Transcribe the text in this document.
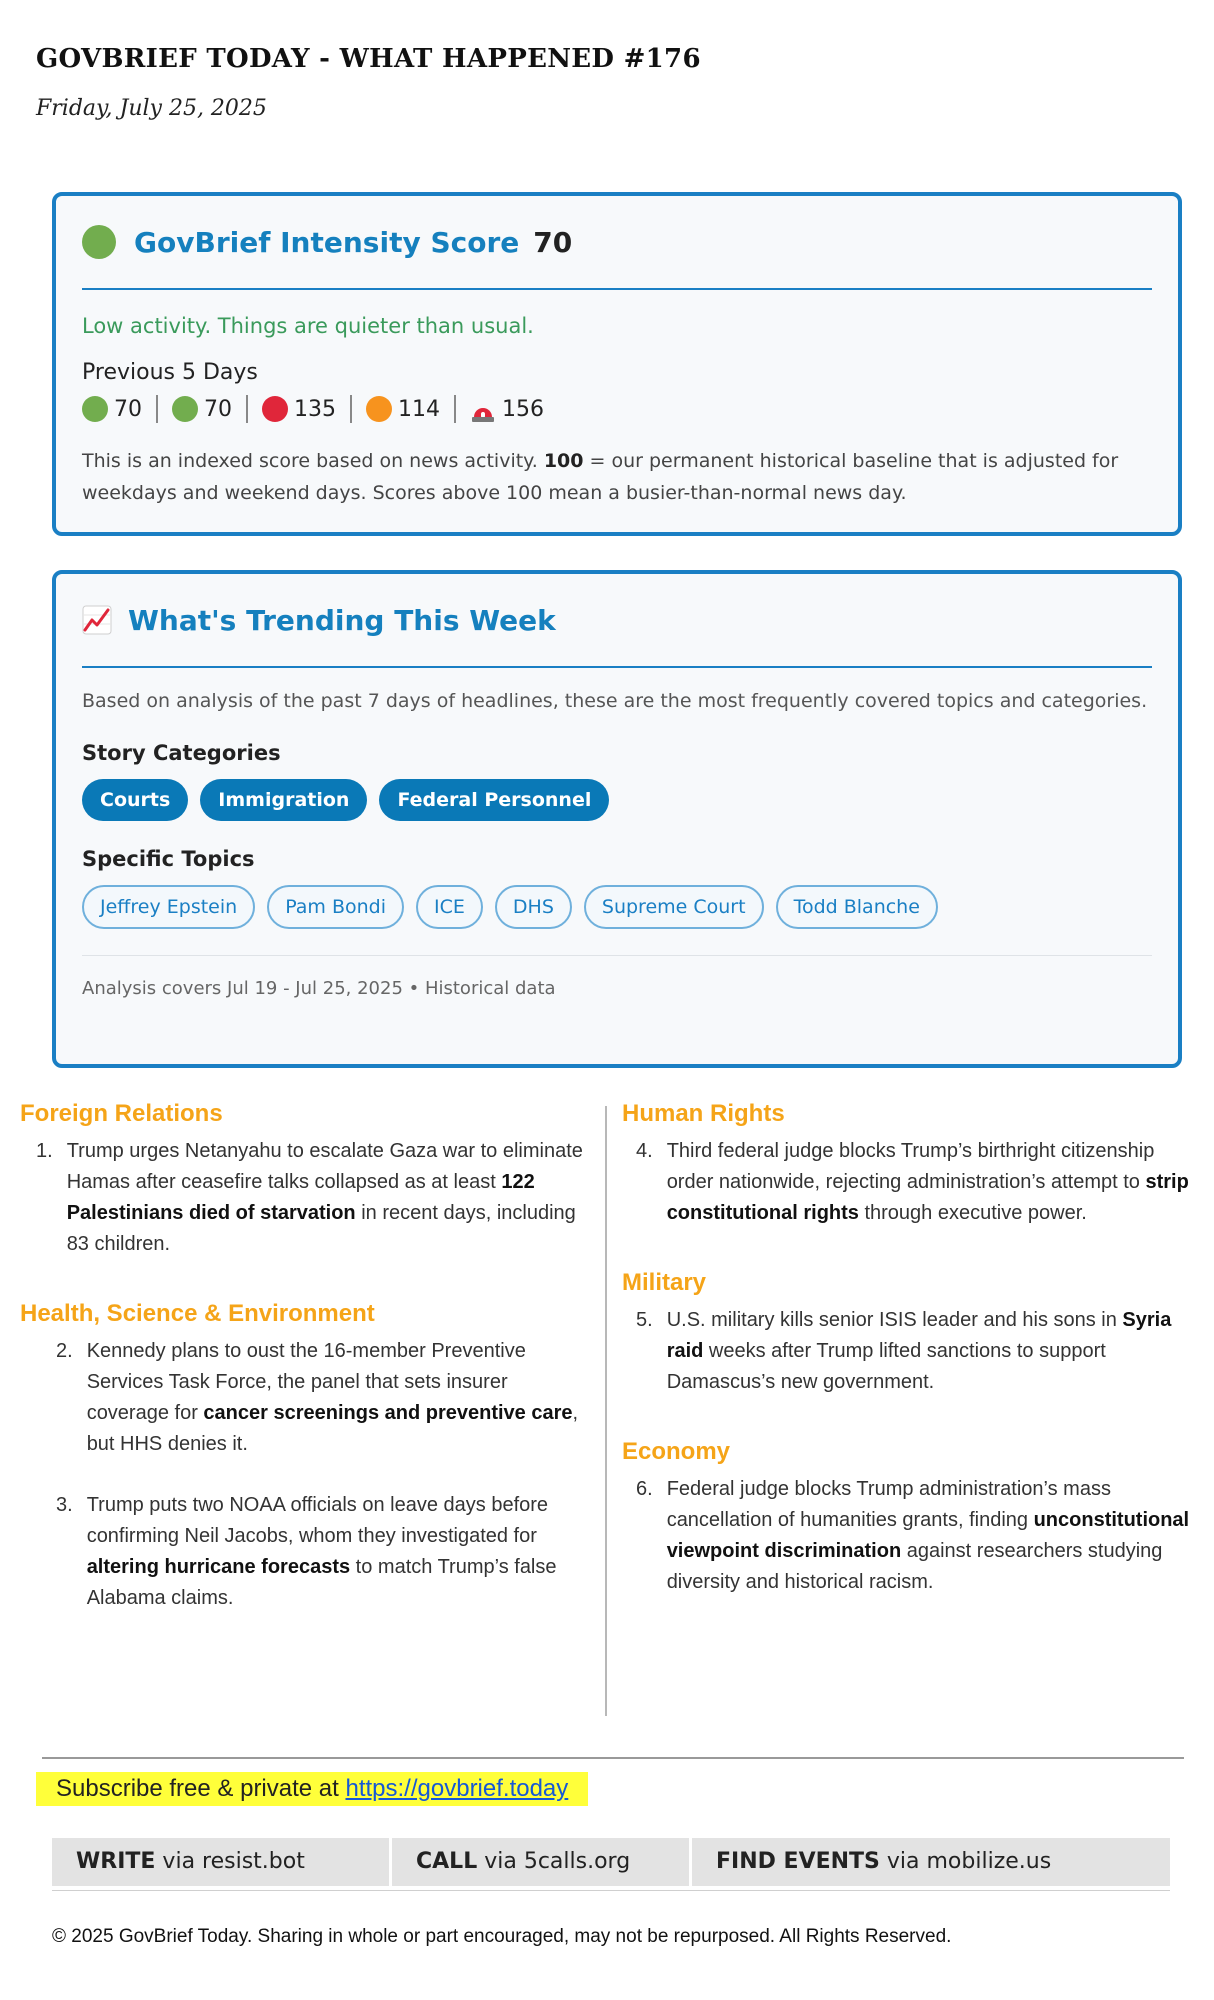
GOVBRIEF TODAY - WHAT HAPPENED #176
Friday, July 25, 2025
GovBrief Intensity Score 70
Low activity. Things are quieter than usual.
Previous 5 Days
70	70	135	114	156
This is an indexed score based on news activity. 100 = our permanent historical baseline that is adjusted for weekdays and weekend days. Scores above 100 mean a busier-than-normal news day.
What's Trending This Week
Based on analysis of the past 7 days of headlines, these are the most frequently covered topics and categories.
Story Categories
Courts	Immigration	Federal Personnel
Specific Topics
Jeffrey Epstein	Pam Bondi	ICE	DHS	Supreme Court	Todd Blanche
Analysis covers Jul 19 - Jul 25, 2025 • Historical data
Foreign Relations
1. Trump urges Netanyahu to escalate Gaza war to eliminate Hamas after ceasefire talks collapsed as at least 122 Palestinians died of starvation in recent days, including 83 children.
Health, Science & Environment
2. Kennedy plans to oust the 16-member Preventive Services Task Force, the panel that sets insurer coverage for cancer screenings and preventive care, but HHS denies it.
3. Trump puts two NOAA officials on leave days before confirming Neil Jacobs, whom they investigated for altering hurricane forecasts to match Trump’s false Alabama claims.
Human Rights
4. Third federal judge blocks Trump’s birthright citizenship order nationwide, rejecting administration’s attempt to strip constitutional rights through executive power.
Military
5. U.S. military kills senior ISIS leader and his sons in Syria raid weeks after Trump lifted sanctions to support Damascus’s new government.
Economy
6. Federal judge blocks Trump administration’s mass cancellation of humanities grants, finding unconstitutional viewpoint discrimination against researchers studying diversity and historical racism.
Subscribe free & private at https://govbrief.today
WRITE via resist.bot	CALL via 5calls.org	FIND EVENTS via mobilize.us
© 2025 GovBrief Today. Sharing in whole or part encouraged, may not be repurposed. All Rights Reserved.
